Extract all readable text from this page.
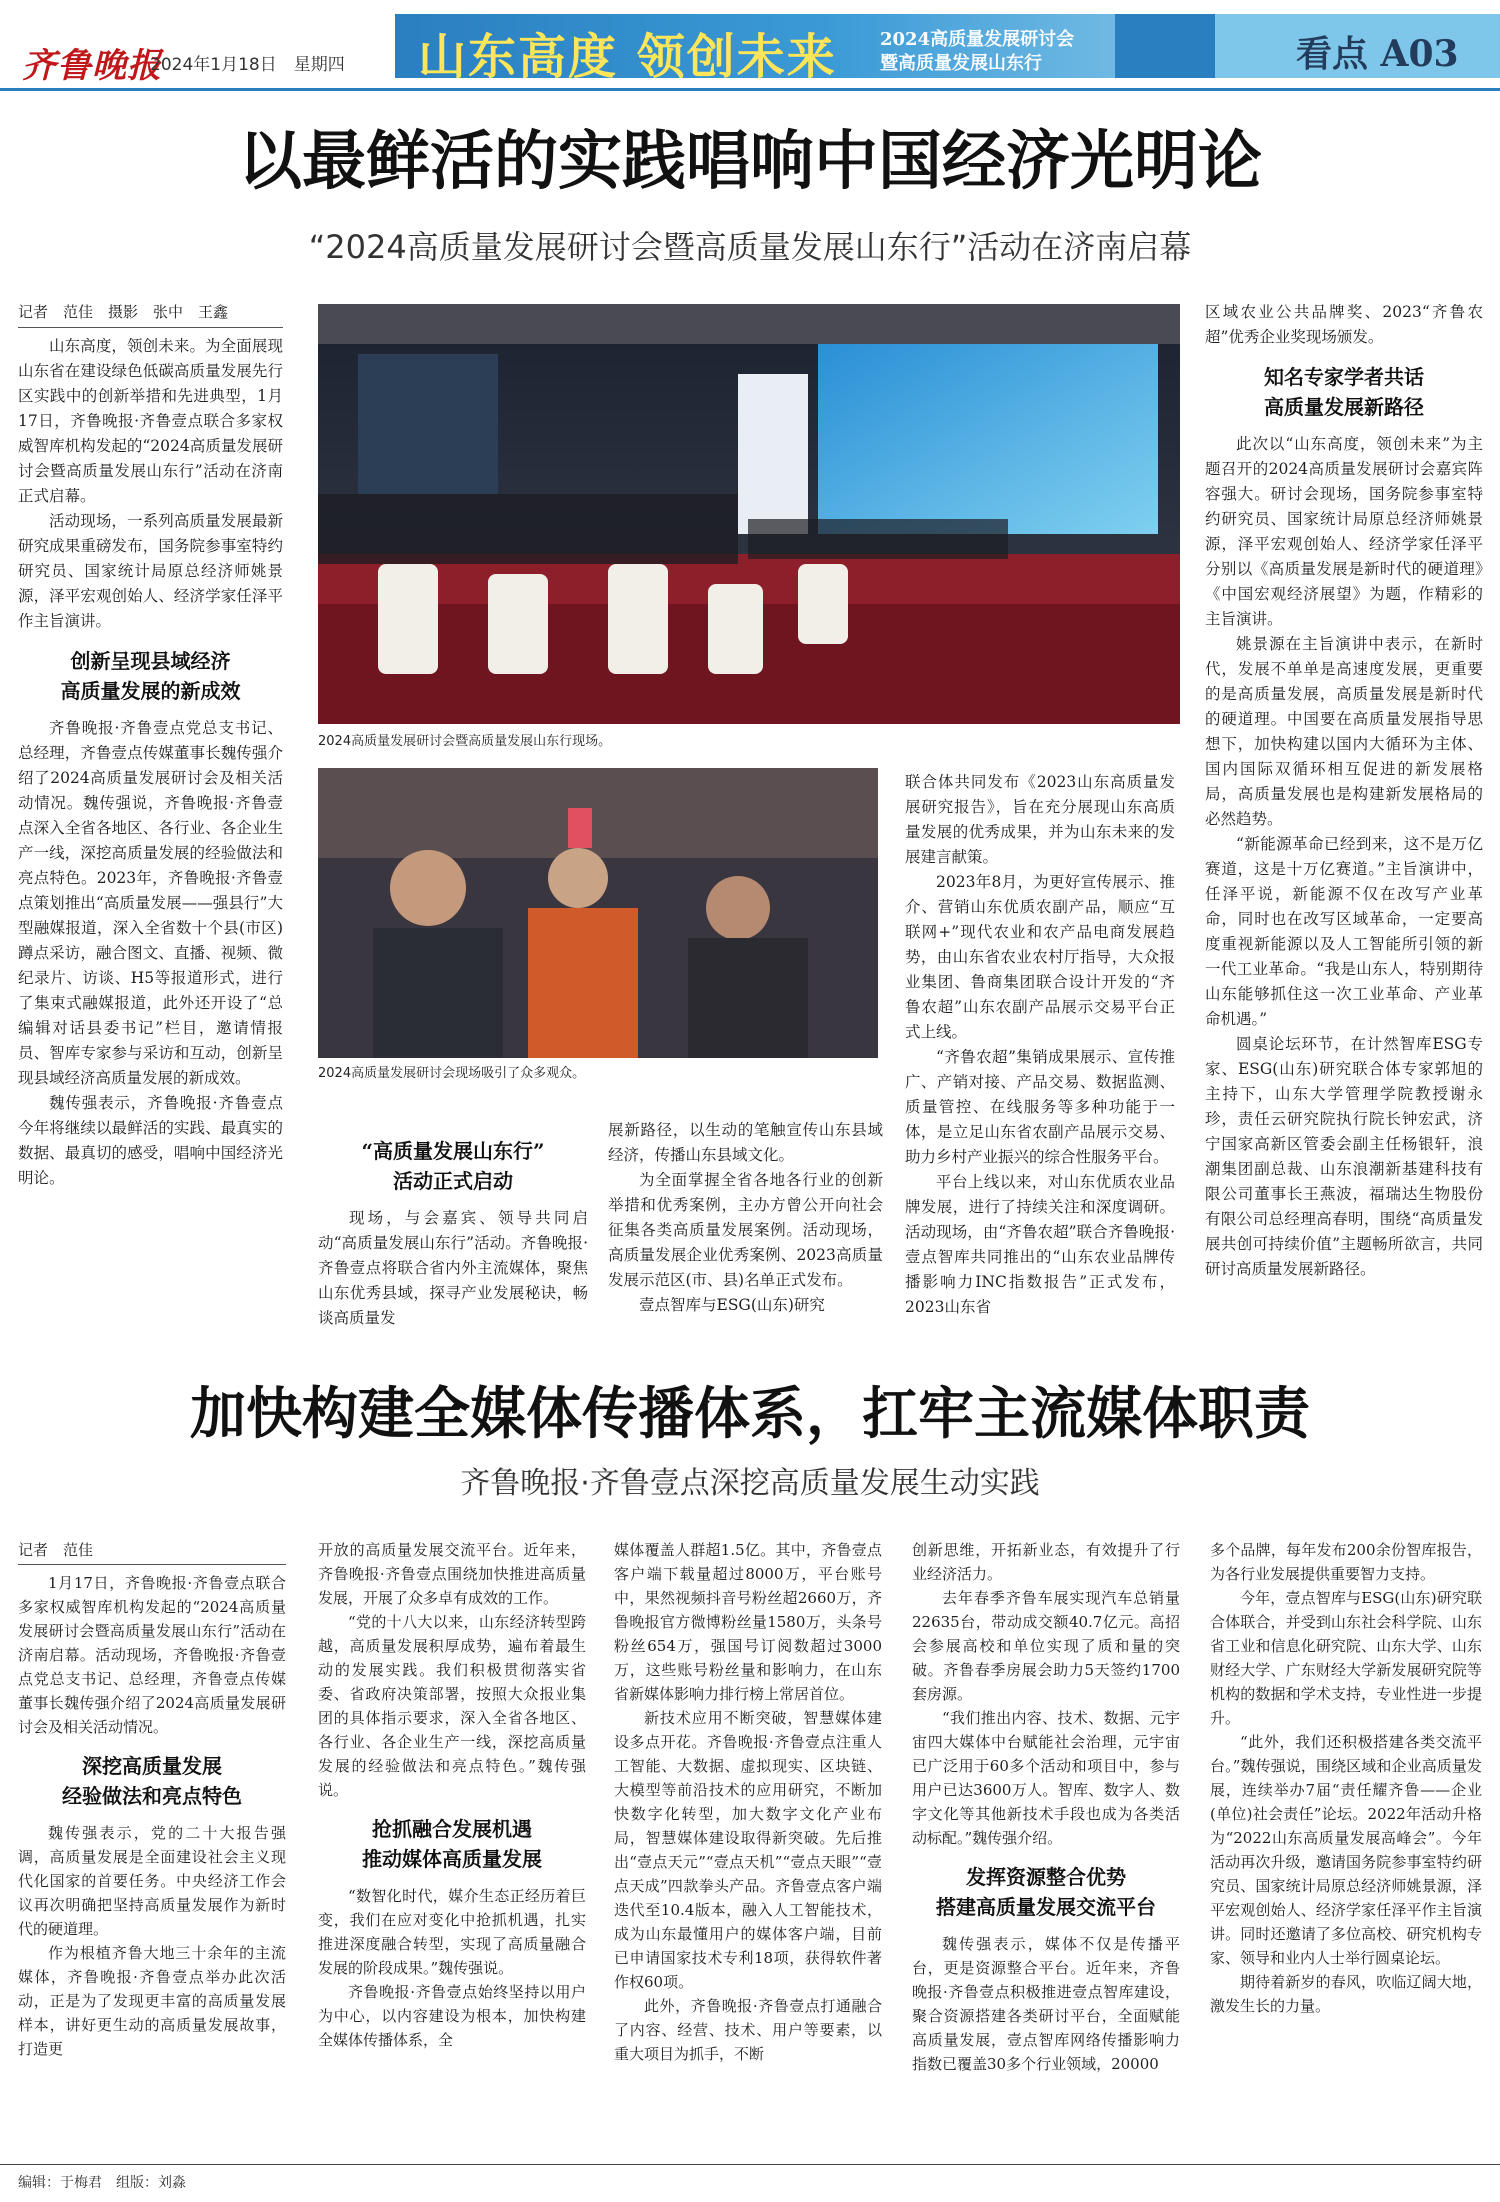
齐鲁晚报
2024年1月18日　星期四 山东高度 领创未来 2024高质量发展研讨会
暨高质量发展山东行	看点 A03
以最鲜活的实践唱响中国经济光明论
“2024高质量发展研讨会暨高质量发展山东行”活动在济南启幕
记者　范佳　摄影　张中　王鑫

山东高度，领创未来。为全面展现山东省在建设绿色低碳高质量发展先行区实践中的创新举措和先进典型，1月17日，齐鲁晚报·齐鲁壹点联合多家权威智库机构发起的“2024高质量发展研讨会暨高质量发展山东行”活动在济南正式启幕。

活动现场，一系列高质量发展最新研究成果重磅发布，国务院参事室特约研究员、国家统计局原总经济师姚景源，泽平宏观创始人、经济学家任泽平作主旨演讲。

创新呈现县域经济
高质量发展的新成效

齐鲁晚报·齐鲁壹点党总支书记、总经理，齐鲁壹点传媒董事长魏传强介绍了2024高质量发展研讨会及相关活动情况。魏传强说，齐鲁晚报·齐鲁壹点深入全省各地区、各行业、各企业生产一线，深挖高质量发展的经验做法和亮点特色。2023年，齐鲁晚报·齐鲁壹点策划推出“高质量发展——强县行”大型融媒报道，深入全省数十个县(市区)蹲点采访，融合图文、直播、视频、微纪录片、访谈、H5等报道形式，进行了集束式融媒报道，此外还开设了“总编辑对话县委书记”栏目，邀请情报员、智库专家参与采访和互动，创新呈现县域经济高质量发展的新成效。

魏传强表示，齐鲁晚报·齐鲁壹点今年将继续以最鲜活的实践、最真实的数据、最真切的感受，唱响中国经济光明论。

2024高质量发展研讨会暨高质量发展山东行现场。
2024高质量发展研讨会现场吸引了众多观众。
“高质量发展山东行”
活动正式启动

现场，与会嘉宾、领导共同启动“高质量发展山东行”活动。齐鲁晚报·齐鲁壹点将联合省内外主流媒体，聚焦山东优秀县域，探寻产业发展秘诀，畅谈高质量发

展新路径，以生动的笔触宣传山东县域经济，传播山东县域文化。

为全面掌握全省各地各行业的创新举措和优秀案例，主办方曾公开向社会征集各类高质量发展案例。活动现场，高质量发展企业优秀案例、2023高质量发展示范区(市、县)名单正式发布。

壹点智库与ESG(山东)研究

联合体共同发布《2023山东高质量发展研究报告》，旨在充分展现山东高质量发展的优秀成果，并为山东未来的发展建言献策。

2023年8月，为更好宣传展示、推介、营销山东优质农副产品，顺应“互联网+”现代农业和农产品电商发展趋势，由山东省农业农村厅指导，大众报业集团、鲁商集团联合设计开发的“齐鲁农超”山东农副产品展示交易平台正式上线。

“齐鲁农超”集销成果展示、宣传推广、产销对接、产品交易、数据监测、质量管控、在线服务等多种功能于一体，是立足山东省农副产品展示交易、助力乡村产业振兴的综合性服务平台。

平台上线以来，对山东优质农业品牌发展，进行了持续关注和深度调研。活动现场，由“齐鲁农超”联合齐鲁晚报·壹点智库共同推出的“山东农业品牌传播影响力INC指数报告”正式发布，2023山东省

区域农业公共品牌奖、2023“齐鲁农超”优秀企业奖现场颁发。

知名专家学者共话
高质量发展新路径

此次以“山东高度，领创未来”为主题召开的2024高质量发展研讨会嘉宾阵容强大。研讨会现场，国务院参事室特约研究员、国家统计局原总经济师姚景源，泽平宏观创始人、经济学家任泽平分别以《高质量发展是新时代的硬道理》《中国宏观经济展望》为题，作精彩的主旨演讲。

姚景源在主旨演讲中表示，在新时代，发展不单单是高速度发展，更重要的是高质量发展，高质量发展是新时代的硬道理。中国要在高质量发展指导思想下，加快构建以国内大循环为主体、国内国际双循环相互促进的新发展格局，高质量发展也是构建新发展格局的必然趋势。

“新能源革命已经到来，这不是万亿赛道，这是十万亿赛道。”主旨演讲中，任泽平说，新能源不仅在改写产业革命，同时也在改写区域革命，一定要高度重视新能源以及人工智能所引领的新一代工业革命。“我是山东人，特别期待山东能够抓住这一次工业革命、产业革命机遇。”

圆桌论坛环节，在计然智库ESG专家、ESG(山东)研究联合体专家郭旭的主持下，山东大学管理学院教授谢永珍，责任云研究院执行院长钟宏武，济宁国家高新区管委会副主任杨银轩，浪潮集团副总裁、山东浪潮新基建科技有限公司董事长王燕波，福瑞达生物股份有限公司总经理高春明，围绕“高质量发展共创可持续价值”主题畅所欲言，共同研讨高质量发展新路径。

加快构建全媒体传播体系，扛牢主流媒体职责
齐鲁晚报·齐鲁壹点深挖高质量发展生动实践
记者　范佳

1月17日，齐鲁晚报·齐鲁壹点联合多家权威智库机构发起的“2024高质量发展研讨会暨高质量发展山东行”活动在济南启幕。活动现场，齐鲁晚报·齐鲁壹点党总支书记、总经理，齐鲁壹点传媒董事长魏传强介绍了2024高质量发展研讨会及相关活动情况。

深挖高质量发展
经验做法和亮点特色

魏传强表示，党的二十大报告强调，高质量发展是全面建设社会主义现代化国家的首要任务。中央经济工作会议再次明确把坚持高质量发展作为新时代的硬道理。

作为根植齐鲁大地三十余年的主流媒体，齐鲁晚报·齐鲁壹点举办此次活动，正是为了发现更丰富的高质量发展样本，讲好更生动的高质量发展故事，打造更

开放的高质量发展交流平台。近年来，齐鲁晚报·齐鲁壹点围绕加快推进高质量发展，开展了众多卓有成效的工作。

“党的十八大以来，山东经济转型跨越，高质量发展积厚成势，遍布着最生动的发展实践。我们积极贯彻落实省委、省政府决策部署，按照大众报业集团的具体指示要求，深入全省各地区、各行业、各企业生产一线，深挖高质量发展的经验做法和亮点特色。”魏传强说。

抢抓融合发展机遇
推动媒体高质量发展

“数智化时代，媒介生态正经历着巨变，我们在应对变化中抢抓机遇，扎实推进深度融合转型，实现了高质量融合发展的阶段成果。”魏传强说。

齐鲁晚报·齐鲁壹点始终坚持以用户为中心，以内容建设为根本，加快构建全媒体传播体系，全

媒体覆盖人群超1.5亿。其中，齐鲁壹点客户端下载量超过8000万，平台账号中，果然视频抖音号粉丝超2660万，齐鲁晚报官方微博粉丝量1580万，头条号粉丝654万，强国号订阅数超过3000万，这些账号粉丝量和影响力，在山东省新媒体影响力排行榜上常居首位。

新技术应用不断突破，智慧媒体建设多点开花。齐鲁晚报·齐鲁壹点注重人工智能、大数据、虚拟现实、区块链、大模型等前沿技术的应用研究，不断加快数字化转型，加大数字文化产业布局，智慧媒体建设取得新突破。先后推出“壹点天元”“壹点天机”“壹点天眼”“壹点天成”四款拳头产品。齐鲁壹点客户端迭代至10.4版本，融入人工智能技术，成为山东最懂用户的媒体客户端，目前已申请国家技术专利18项，获得软件著作权60项。

此外，齐鲁晚报·齐鲁壹点打通融合了内容、经营、技术、用户等要素，以重大项目为抓手，不断

创新思维，开拓新业态，有效提升了行业经济活力。

去年春季齐鲁车展实现汽车总销量22635台，带动成交额40.7亿元。高招会参展高校和单位实现了质和量的突破。齐鲁春季房展会助力5天签约1700套房源。

“我们推出内容、技术、数据、元宇宙四大媒体中台赋能社会治理，元宇宙已广泛用于60多个活动和项目中，参与用户已达3600万人。智库、数字人、数字文化等其他新技术手段也成为各类活动标配。”魏传强介绍。

发挥资源整合优势
搭建高质量发展交流平台

魏传强表示，媒体不仅是传播平台，更是资源整合平台。近年来，齐鲁晚报·齐鲁壹点积极推进壹点智库建设，聚合资源搭建各类研讨平台，全面赋能高质量发展，壹点智库网络传播影响力指数已覆盖30多个行业领域，20000

多个品牌，每年发布200余份智库报告，为各行业发展提供重要智力支持。

今年，壹点智库与ESG(山东)研究联合体联合，并受到山东社会科学院、山东省工业和信息化研究院、山东大学、山东财经大学、广东财经大学新发展研究院等机构的数据和学术支持，专业性进一步提升。

“此外，我们还积极搭建各类交流平台。”魏传强说，围绕区域和企业高质量发展，连续举办7届“责任耀齐鲁——企业(单位)社会责任”论坛。2022年活动升格为“2022山东高质量发展高峰会”。今年活动再次升级，邀请国务院参事室特约研究员、国家统计局原总经济师姚景源，泽平宏观创始人、经济学家任泽平作主旨演讲。同时还邀请了多位高校、研究机构专家、领导和业内人士举行圆桌论坛。

期待着新岁的春风，吹临辽阔大地，激发生长的力量。

编辑：于梅君　组版：刘淼
